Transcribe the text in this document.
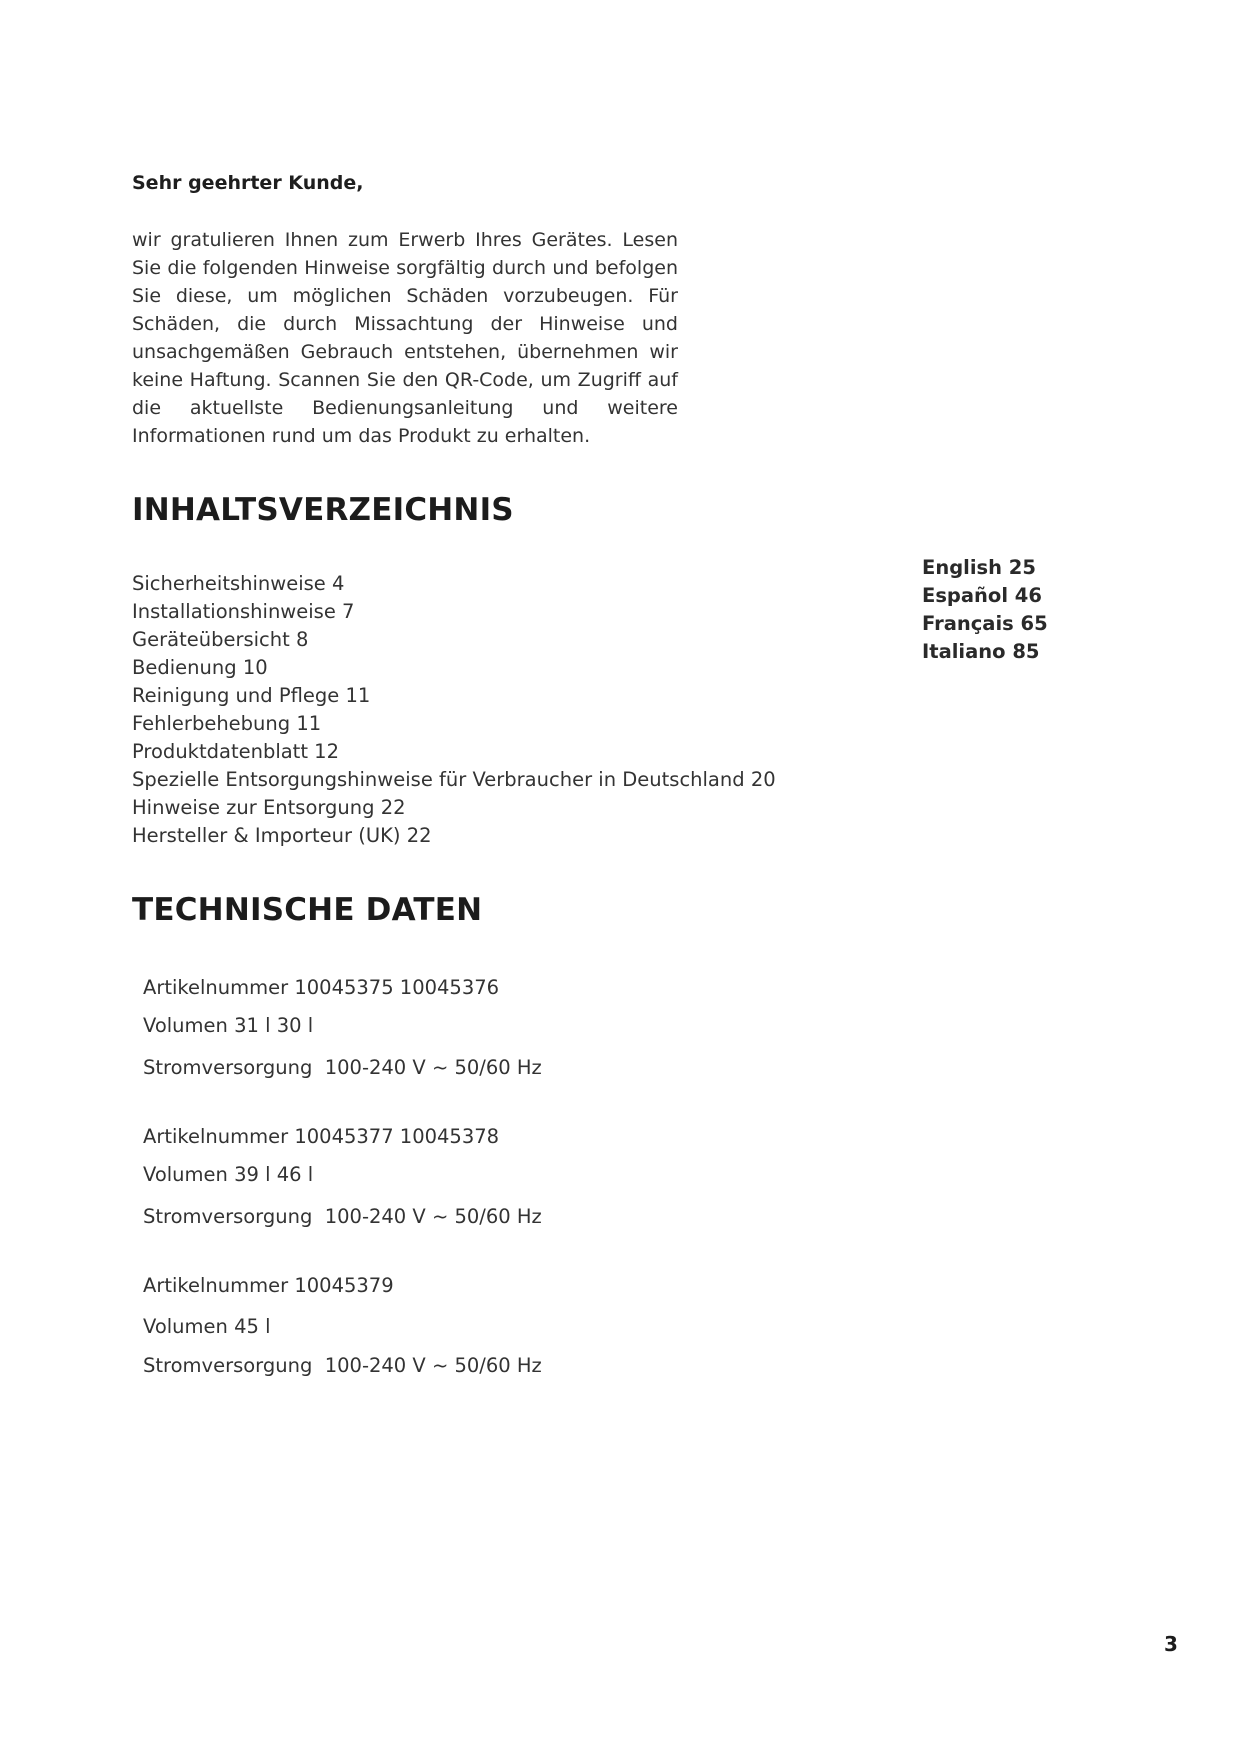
Sehr geehrter Kunde,
wir gratulieren Ihnen zum Erwerb Ihres Gerätes. Lesen Sie die folgenden Hinweise sorgfältig durch und befolgen Sie diese, um möglichen Schäden vorzubeugen. Für Schäden, die durch Missachtung der Hinweise und unsachgemäßen Gebrauch entstehen, übernehmen wir keine Haftung. Scannen Sie den QR-Code, um Zugriff auf die aktuellste Bedienungsanleitung und weitere Informationen rund um das Produkt zu erhalten.
INHALTSVERZEICHNIS
Sicherheitshinweise 4
Installationshinweise 7
Geräteübersicht 8
Bedienung 10
Reinigung und Pflege 11
Fehlerbehebung 11
Produktdatenblatt 12
Spezielle Entsorgungshinweise für Verbraucher in Deutschland 20
Hinweise zur Entsorgung 22
Hersteller & Importeur (UK) 22
English 25
Español 46
Français 65
Italiano 85
TECHNISCHE DATEN
Artikelnummer 10045375 10045376
Volumen 31 l 30 l
Stromversorgung  100-240 V ~ 50/60 Hz
Artikelnummer 10045377 10045378
Volumen 39 l 46 l
Stromversorgung  100-240 V ~ 50/60 Hz
Artikelnummer 10045379
Volumen 45 l
Stromversorgung  100-240 V ~ 50/60 Hz
3
